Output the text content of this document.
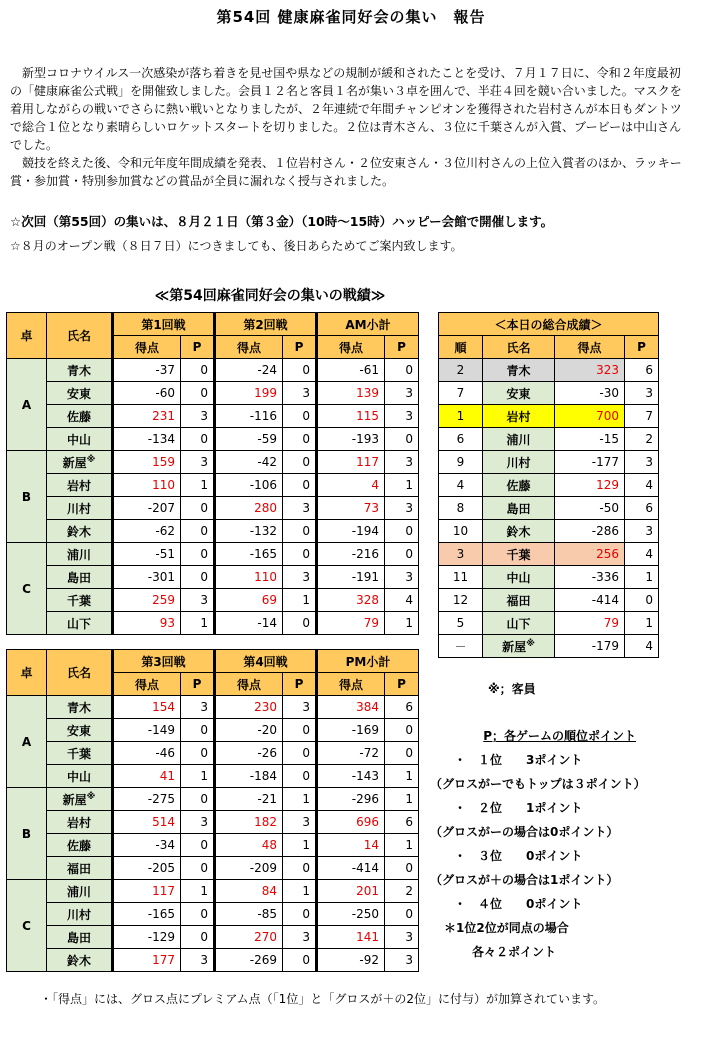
第54回 健康麻雀同好会の集い　報告

新型コロナウイルス一次感染が落ち着きを見せ国や県などの規制が緩和されたことを受け、７月１７日に、令和２年度最初の「健康麻雀公式戦」を開催致しました。会員１２名と客員１名が集い３卓を囲んで、半荘４回を競い合いました。マスクを着用しながらの戦いでさらに熱い戦いとなりましたが、２年連続で年間チャンピオンを獲得された岩村さんが本日もダントツで総合１位となり素晴らしいロケットスタートを切りました。２位は青木さん、３位に千葉さんが入賞、ブービーは中山さんでした。

競技を終えた後、令和元年度年間成績を発表、１位岩村さん・２位安東さん・３位川村さんの上位入賞者のほか、ラッキー賞・参加賞・特別参加賞などの賞品が全員に漏れなく授与されました。

☆次回（第55回）の集いは、８月２１日（第３金）（10時～15時）ハッピー会館で開催します。
☆８月のオープン戦（８日７日）につきましても、後日あらためてご案内致します。
≪第54回麻雀同好会の集いの戦績≫
卓	氏名	第1回戦		第2回戦		AM小計	
		得点	P	得点	P	得点	P
A	青木	-37	0	-24	0	-61	0
	安東	-60	0	199	3	139	3
	佐藤	231	3	-116	0	115	3
	中山	-134	0	-59	0	-193	0
B	新屋※	159	3	-42	0	117	3
	岩村	110	1	-106	0	4	1
	川村	-207	0	280	3	73	3
	鈴木	-62	0	-132	0	-194	0
C	浦川	-51	0	-165	0	-216	0
	島田	-301	0	110	3	-191	3
	千葉	259	3	69	1	328	4
	山下	93	1	-14	0	79	1
卓	氏名	第3回戦		第4回戦		PM小計	
		得点	P	得点	P	得点	P
A	青木	154	3	230	3	384	6
	安東	-149	0	-20	0	-169	0
	千葉	-46	0	-26	0	-72	0
	中山	41	1	-184	0	-143	1
B	新屋※	-275	0	-21	1	-296	1
	岩村	514	3	182	3	696	6
	佐藤	-34	0	48	1	14	1
	福田	-205	0	-209	0	-414	0
C	浦川	117	1	84	1	201	2
	川村	-165	0	-85	0	-250	0
	島田	-129	0	270	3	141	3
	鈴木	177	3	-269	0	-92	3
＜本日の総合成績＞			
順	氏名	得点	P
2	青木	323	6
7	安東	-30	3
1	岩村	700	7
6	浦川	-15	2
9	川村	-177	3
4	佐藤	129	4
8	島田	-50	6
10	鈴木	-286	3
3	千葉	256	4
11	中山	-336	1
12	福田	-414	0
5	山下	79	1
－	新屋※	-179	4
※；客員
P；各ゲームの順位ポイント
・　１位　　3ポイント
（グロスがーでもトップは３ポイント）
・　２位　　1ポイント
（グロスがーの場合は0ポイント）
・　３位　　0ポイント
（グロスが＋の場合は1ポイント）
・　４位　　0ポイント
＊1位2位が同点の場合
各々２ポイント
・「得点」には、グロス点にプレミアム点（「1位」と「グロスが＋の2位」に付与）が加算されています。
